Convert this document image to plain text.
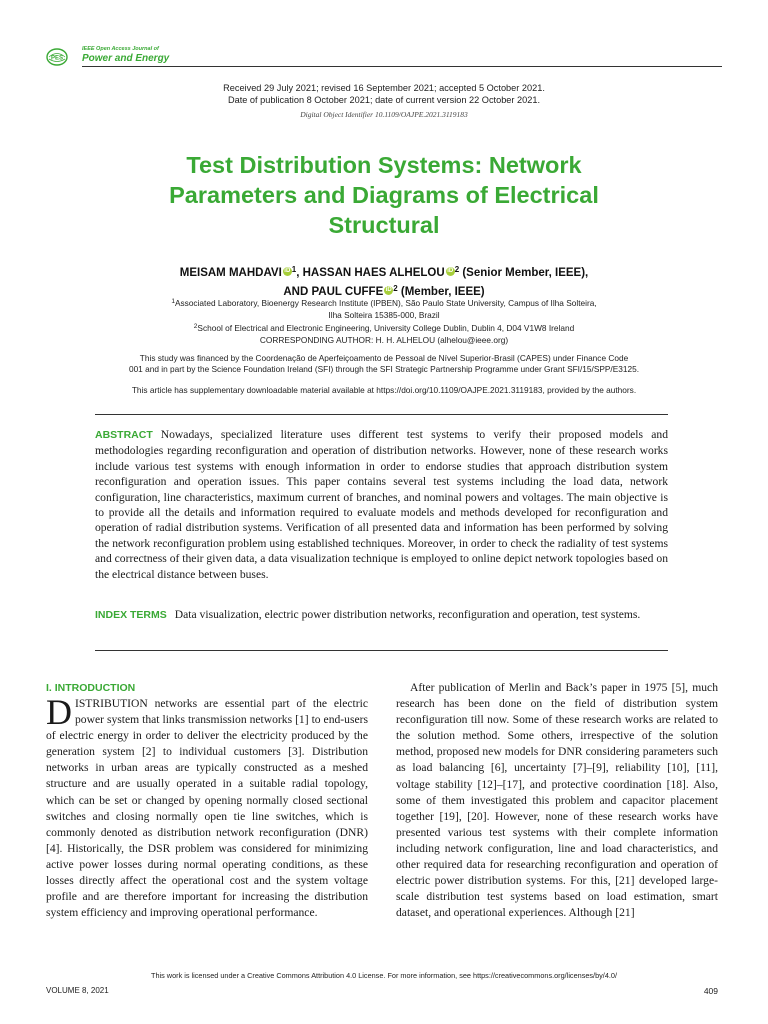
PES
IEEE Open Access Journal of
Power and Energy
Received 29 July 2021; revised 16 September 2021; accepted 5 October 2021.
Date of publication 8 October 2021; date of current version 22 October 2021.
Digital Object Identifier 10.1109/OAJPE.2021.3119183
Test Distribution Systems: Network Parameters and Diagrams of Electrical Structural
MEISAM MAHDAVI iD $^1$, HASSAN HAES ALHELOU iD $^2$ (Senior Member, IEEE),
AND PAUL CUFFE iD $^2$ (Member, IEEE)
$^1$Associated Laboratory, Bioenergy Research Institute (IPBEN), São Paulo State University, Campus of Ilha Solteira,
Ilha Solteira 15385-000, Brazil
$^2$School of Electrical and Electronic Engineering, University College Dublin, Dublin 4, D04 V1W8 Ireland
CORRESPONDING AUTHOR: H. H. ALHELOU (alhelou@ieee.org)
This study was financed by the Coordenação de Aperfeiçoamento de Pessoal de Nível Superior-Brasil (CAPES) under Finance Code
001 and in part by the Science Foundation Ireland (SFI) through the SFI Strategic Partnership Programme under Grant SFI/15/SPP/E3125.
This article has supplementary downloadable material available at https://doi.org/10.1109/OAJPE.2021.3119183, provided by the authors.
ABSTRACT Nowadays, specialized literature uses different test systems to verify their proposed models and methodologies regarding reconfiguration and operation of distribution networks. However, none of these research works include various test systems with enough information in order to endorse studies that approach distribution system reconfiguration and operation issues. This paper contains several test systems including the load data, network configuration, line characteristics, maximum current of branches, and nominal powers and voltages. The main objective is to provide all the details and information required to evaluate models and methods developed for reconfiguration and operation of radial distribution systems. Verification of all presented data and information has been performed by solving the network reconfiguration problem using established techniques. Moreover, in order to check the radiality of test systems and correctness of their given data, a data visualization technique is employed to online depict network topologies based on the electrical distance between buses.
INDEX TERMS Data visualization, electric power distribution networks, reconfiguration and operation, test systems.
I. INTRODUCTION
DISTRIBUTION networks are essential part of the electric power system that links transmission networks [1] to end-users of electric energy in order to deliver the electricity produced by the generation system [2] to individual customers [3]. Distribution networks in urban areas are typically constructed as a meshed structure and are usually operated in a suitable radial topology, which can be set or changed by opening normally closed sectional switches and closing normally open tie line switches, which is commonly denoted as distribution network reconfiguration (DNR) [4]. Historically, the DSR problem was considered for minimizing active power losses during normal operating conditions, as these losses directly affect the operational cost and the system voltage profile and are therefore important for increasing the distribution system efficiency and improving operational performance.
After publication of Merlin and Back’s paper in 1975 [5], much research has been done on the field of distribution system reconfiguration till now. Some of these research works are related to the solution method. Some others, irrespective of the solution method, proposed new models for DNR considering parameters such as load balancing [6], uncertainty [7]–[9], reliability [10], [11], voltage stability [12]–[17], and protective coordination [18]. Also, some of them investigated this problem and capacitor placement together [19], [20]. However, none of these research works have presented various test systems with their complete information including network configuration, line and load characteristics, and other required data for researching reconfiguration and operation of electric power distribution systems. For this, [21] developed large-scale distribution test systems based on load estimation, smart dataset, and operational experiences. Although [21]
This work is licensed under a Creative Commons Attribution 4.0 License. For more information, see https://creativecommons.org/licenses/by/4.0/
VOLUME 8, 2021	409
